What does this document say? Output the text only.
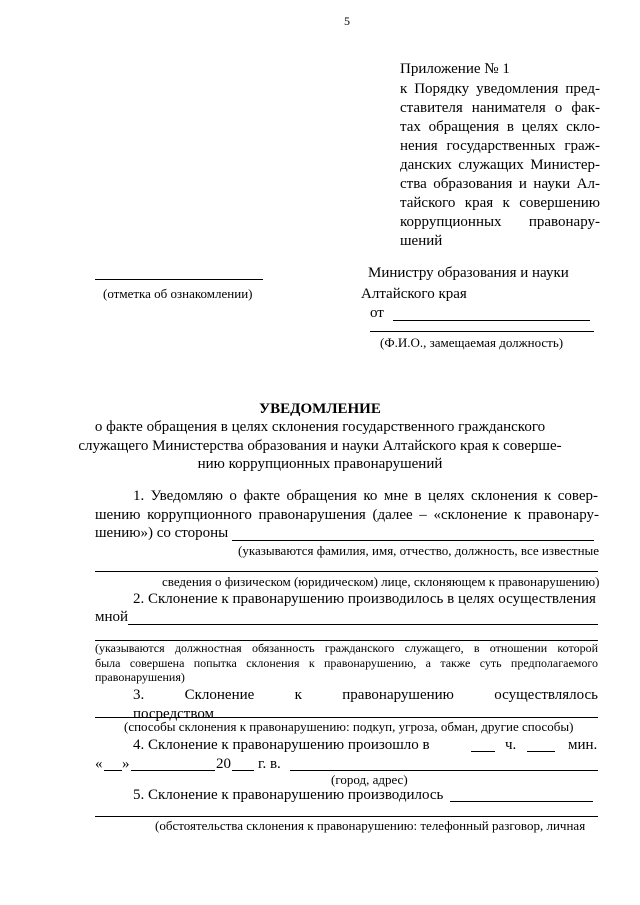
5
Приложение № 1
к Порядку уведомления пред-
ставителя нанимателя о фак-
тах обращения в целях скло-
нения государственных граж-
данских служащих Министер-
ства образования и науки Ал-
тайского края к совершению
коррупционных правонару-
шений
(отметка об ознакомлении)
Министру образования и науки
Алтайского края
от
(Ф.И.О., замещаемая должность)
УВЕДОМЛЕНИЕ
о факте обращения в целях склонения государственного гражданского
служащего Министерства образования и науки Алтайского края к соверше-
нию коррупционных правонарушений
1. Уведомляю о факте обращения ко мне в целях склонения к совер-
шению коррупционного правонарушения (далее – «склонение к правонару-
шению») со стороны
(указываются фамилия, имя, отчество, должность, все известные
сведения о физическом (юридическом) лице, склоняющем к правонарушению)
2. Склонение к правонарушению производилось в целях осуществления
мной
(указываются должностная обязанность гражданского служащего, в отношении которой
была совершена попытка склонения к правонарушению, а также суть предполагаемого
правонарушения)
3. Склонение к правонарушению осуществлялось посредством
(способы склонения к правонарушению: подкуп, угроза, обман, другие способы)
4. Склонение к правонарушению произошло в	ч.	мин.
« »	20 г. в.
(город, адрес)
5. Склонение к правонарушению производилось
(обстоятельства склонения к правонарушению: телефонный разговор, личная
